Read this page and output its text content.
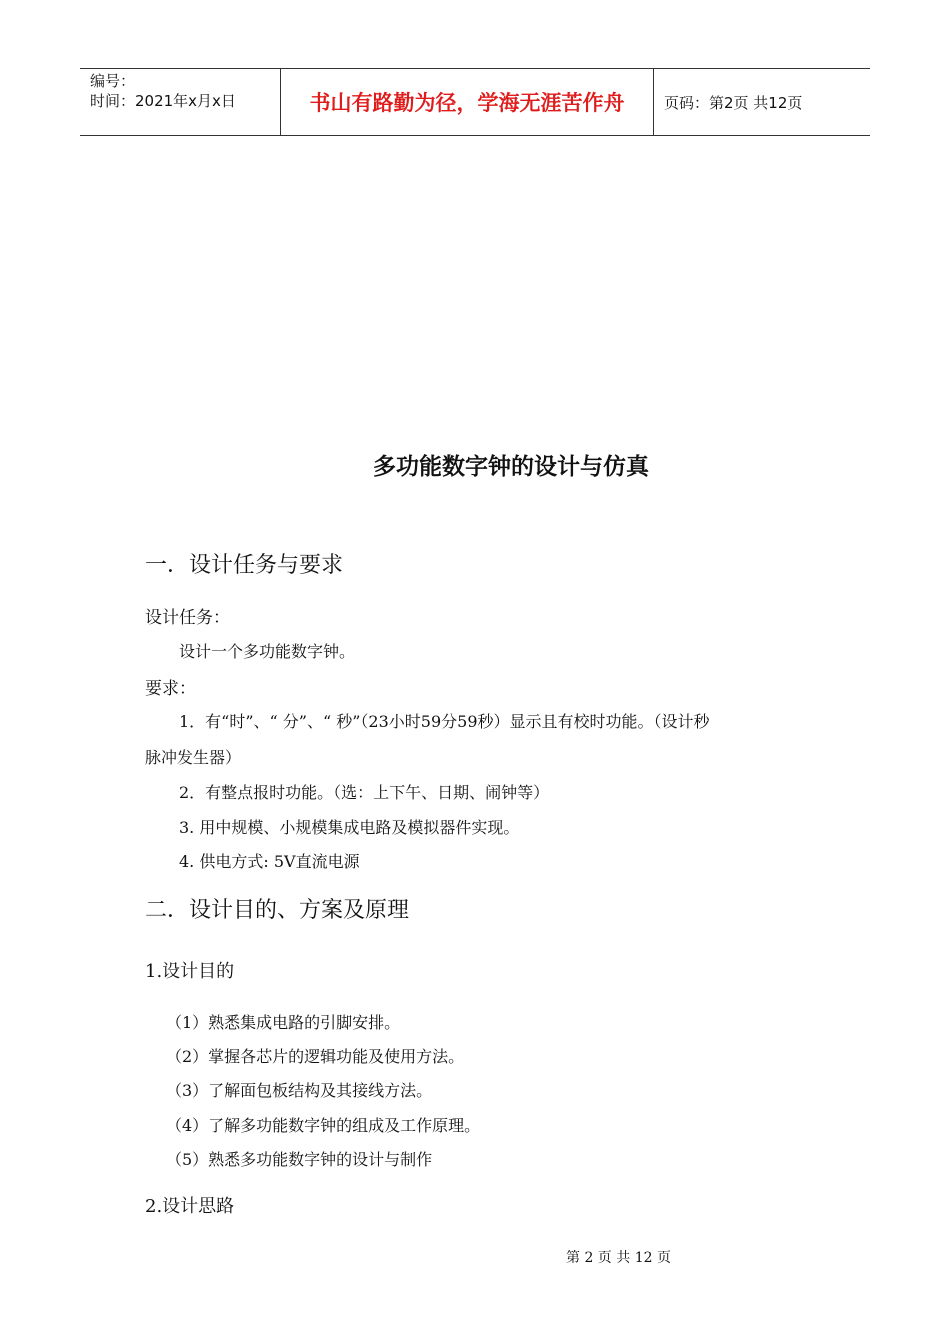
编号：
时间：2021年x月x日	书山有路勤为径，学海无涯苦作舟	页码：第2页 共12页
多功能数字钟的设计与仿真
一．设计任务与要求
设计任务：
设计一个多功能数字钟。
要求：
1．有“时”、“ 分”、“ 秒”（23小时59分59秒）显示且有校时功能。（设计秒
脉冲发生器）
2．有整点报时功能。（选：上下午、日期、闹钟等）
3. 用中规模、小规模集成电路及模拟器件实现。
4. 供电方式: 5V直流电源
二．设计目的、方案及原理
1.设计目的
（1）熟悉集成电路的引脚安排。
（2）掌握各芯片的逻辑功能及使用方法。
（3）了解面包板结构及其接线方法。
（4）了解多功能数字钟的组成及工作原理。
（5）熟悉多功能数字钟的设计与制作
2.设计思路
第 2 页 共 12 页
